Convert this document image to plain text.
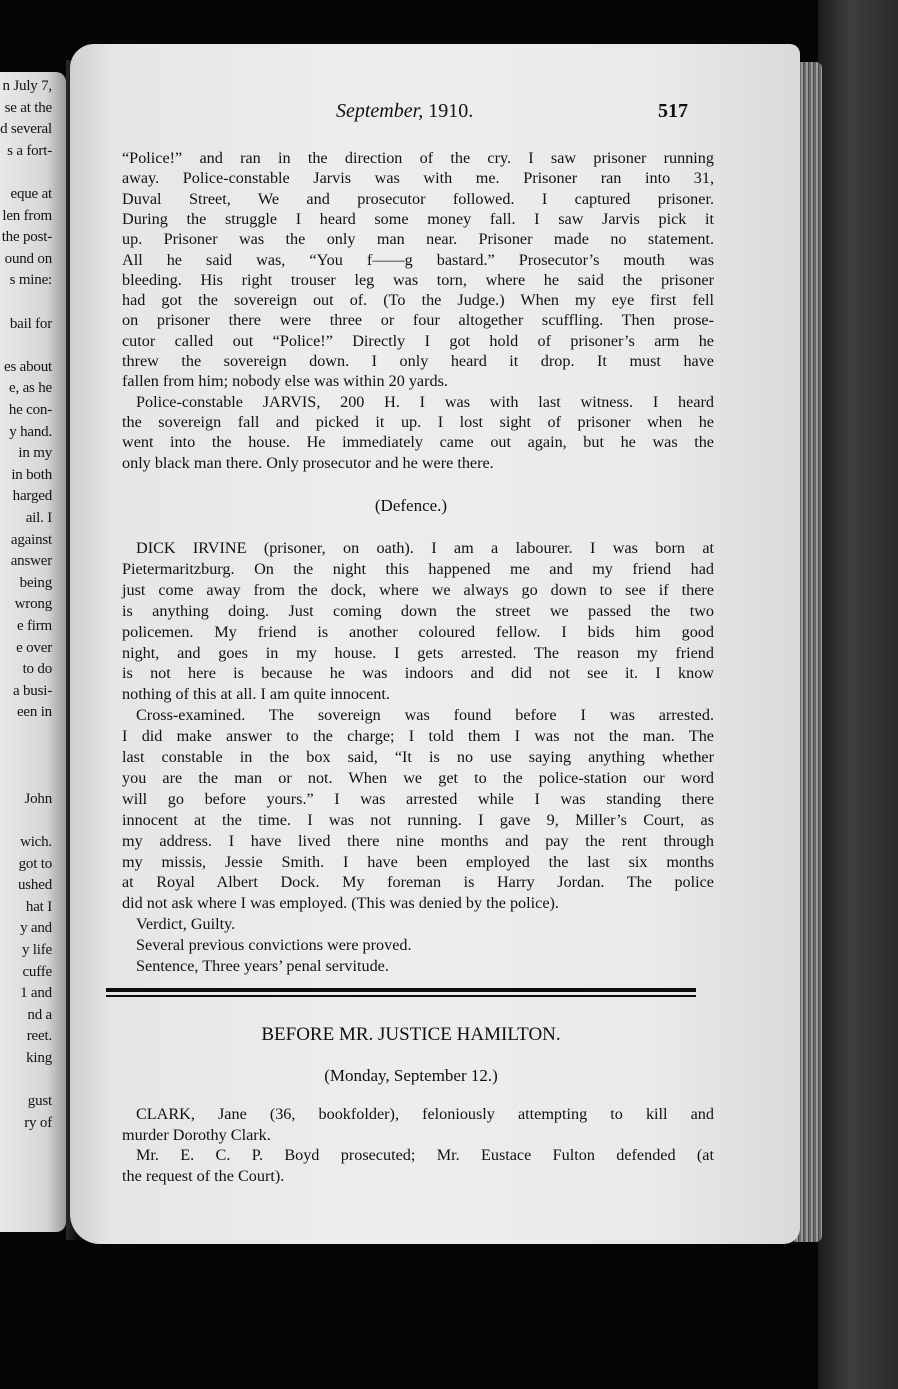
n July 7,
se at the
d several
s a fort-
eque at
len from
the post-
ound on
s mine:
bail for
es about
e, as he
he con-
y hand.
in my
in both
harged
ail. I
against
answer
being
wrong
e firm
e over
to do
a busi-
een in
John
wich.
got to
ushed
hat I
y and
y life
cuffe
1 and
nd a
reet.
king
gust
ry of
September, 1910.	517
“Police!” and ran in the direction of the cry. I saw prisoner running
away. Police-constable Jarvis was with me. Prisoner ran into 31,
Duval Street, We and prosecutor followed. I captured prisoner.
During the struggle I heard some money fall. I saw Jarvis pick it
up. Prisoner was the only man near. Prisoner made no statement.
All he said was, “You f——g bastard.” Prosecutor’s mouth was
bleeding. His right trouser leg was torn, where he said the prisoner
had got the sovereign out of. (To the Judge.) When my eye first fell
on prisoner there were three or four altogether scuffling. Then prose-
cutor called out “Police!” Directly I got hold of prisoner’s arm he
threw the sovereign down. I only heard it drop. It must have
fallen from him; nobody else was within 20 yards.
Police-constable JARVIS, 200 H. I was with last witness. I heard
the sovereign fall and picked it up. I lost sight of prisoner when he
went into the house. He immediately came out again, but he was the
only black man there. Only prosecutor and he were there.
(Defence.)
DICK IRVINE (prisoner, on oath). I am a labourer. I was born at
Pietermaritzburg. On the night this happened me and my friend had
just come away from the dock, where we always go down to see if there
is anything doing. Just coming down the street we passed the two
policemen. My friend is another coloured fellow. I bids him good
night, and goes in my house. I gets arrested. The reason my friend
is not here is because he was indoors and did not see it. I know
nothing of this at all. I am quite innocent.
Cross-examined. The sovereign was found before I was arrested.
I did make answer to the charge; I told them I was not the man. The
last constable in the box said, “It is no use saying anything whether
you are the man or not. When we get to the police-station our word
will go before yours.” I was arrested while I was standing there
innocent at the time. I was not running. I gave 9, Miller’s Court, as
my address. I have lived there nine months and pay the rent through
my missis, Jessie Smith. I have been employed the last six months
at Royal Albert Dock. My foreman is Harry Jordan. The police
did not ask where I was employed. (This was denied by the police).
Verdict, Guilty.
Several previous convictions were proved.
Sentence, Three years’ penal servitude.
BEFORE MR. JUSTICE HAMILTON.
(Monday, September 12.)
CLARK, Jane (36, bookfolder), feloniously attempting to kill and
murder Dorothy Clark.
Mr. E. C. P. Boyd prosecuted; Mr. Eustace Fulton defended (at
the request of the Court).
